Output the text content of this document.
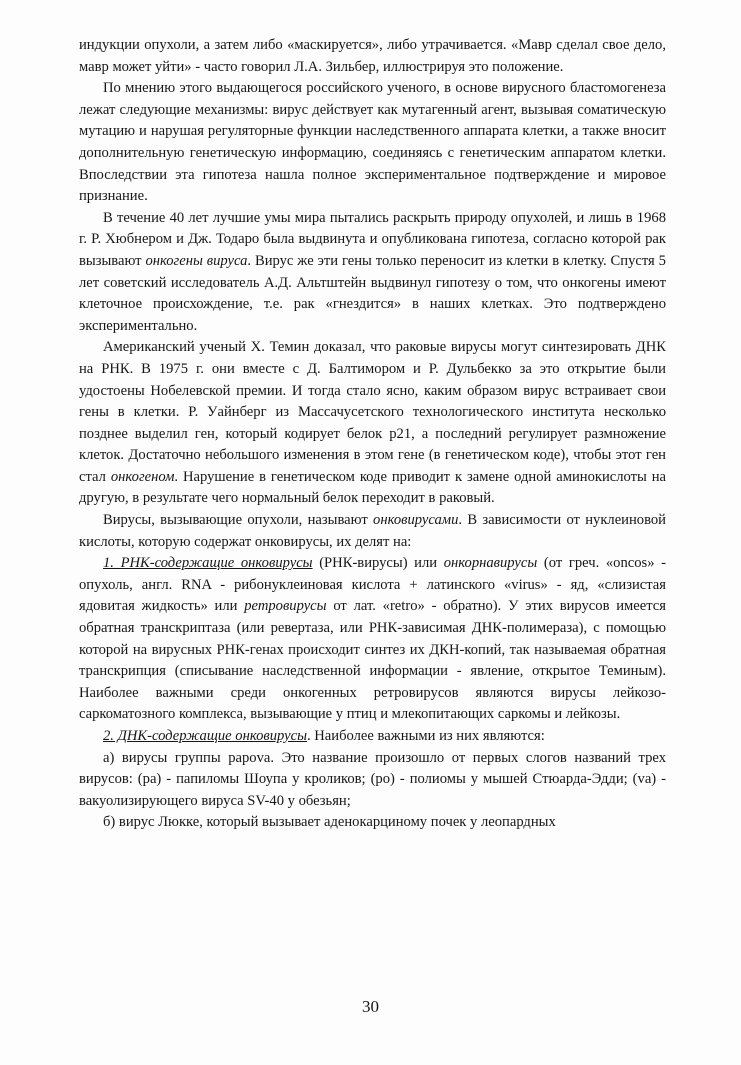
индукции опухоли, а затем либо «маскируется», либо утрачивается. «Мавр сделал свое дело, мавр может уйти» - часто говорил Л.А. Зильбер, иллюстрируя это положение.

По мнению этого выдающегося российского ученого, в основе вирусного бластомогенеза лежат следующие механизмы: вирус действует как мутагенный агент, вызывая соматическую мутацию и нарушая регуляторные функции наследственного аппарата клетки, а также вносит дополнительную генетическую информацию, соединяясь с генетическим аппаратом клетки. Впоследствии эта гипотеза нашла полное экспериментальное подтверждение и мировое признание.

В течение 40 лет лучшие умы мира пытались раскрыть природу опухолей, и лишь в 1968 г. Р. Хюбнером и Дж. Тодаро была выдвинута и опубликована гипотеза, согласно которой рак вызывают онкогены вируса. Вирус же эти гены только переносит из клетки в клетку. Спустя 5 лет советский исследователь А.Д. Альтштейн выдвинул гипотезу о том, что онкогены имеют клеточное происхождение, т.е. рак «гнездится» в наших клетках. Это подтверждено экспериментально.

Американский ученый Х. Темин доказал, что раковые вирусы могут синтезировать ДНК на РНК. В 1975 г. они вместе с Д. Балтимором и Р. Дульбекко за это открытие были удостоены Нобелевской премии. И тогда стало ясно, каким образом вирус встраивает свои гены в клетки. Р. Уайнберг из Массачусетского технологического института несколько позднее выделил ген, который кодирует белок р21, а последний регулирует размножение клеток. Достаточно небольшого изменения в этом гене (в генетическом коде), чтобы этот ген стал онкогеном. Нарушение в генетическом коде приводит к замене одной аминокислоты на другую, в результате чего нормальный белок переходит в раковый.

Вирусы, вызывающие опухоли, называют онковирусами. В зависимости от нуклеиновой кислоты, которую содержат онковирусы, их делят на:

1. РНК-содержащие онковирусы (РНК-вирусы) или онкорнавирусы (от греч. «oncos» - опухоль, англ. RNA - рибонуклеиновая кислота + латинского «virus» - яд, «слизистая ядовитая жидкость» или ретровирусы от лат. «retro» - обратно). У этих вирусов имеется обратная транскриптаза (или ревертаза, или РНК-зависимая ДНК-полимераза), с помощью которой на вирусных РНК-генах происходит синтез их ДКН-копий, так называемая обратная транскрипция (списывание наследственной информации - явление, открытое Теминым). Наиболее важными среди онкогенных ретровирусов являются вирусы лейкозо-саркоматозного комплекса, вызывающие у птиц и млекопитающих саркомы и лейкозы.

2. ДНК-содержащие онковирусы. Наиболее важными из них являются:

а) вирусы группы papova. Это название произошло от первых слогов названий трех вирусов: (pa) - папиломы Шоупа у кроликов; (po) - полиомы у мышей Стюарда-Эдди; (va) - вакуолизирующего вируса SV-40 у обезьян;

б) вирус Люкке, который вызывает аденокарциному почек у леопардных

30
